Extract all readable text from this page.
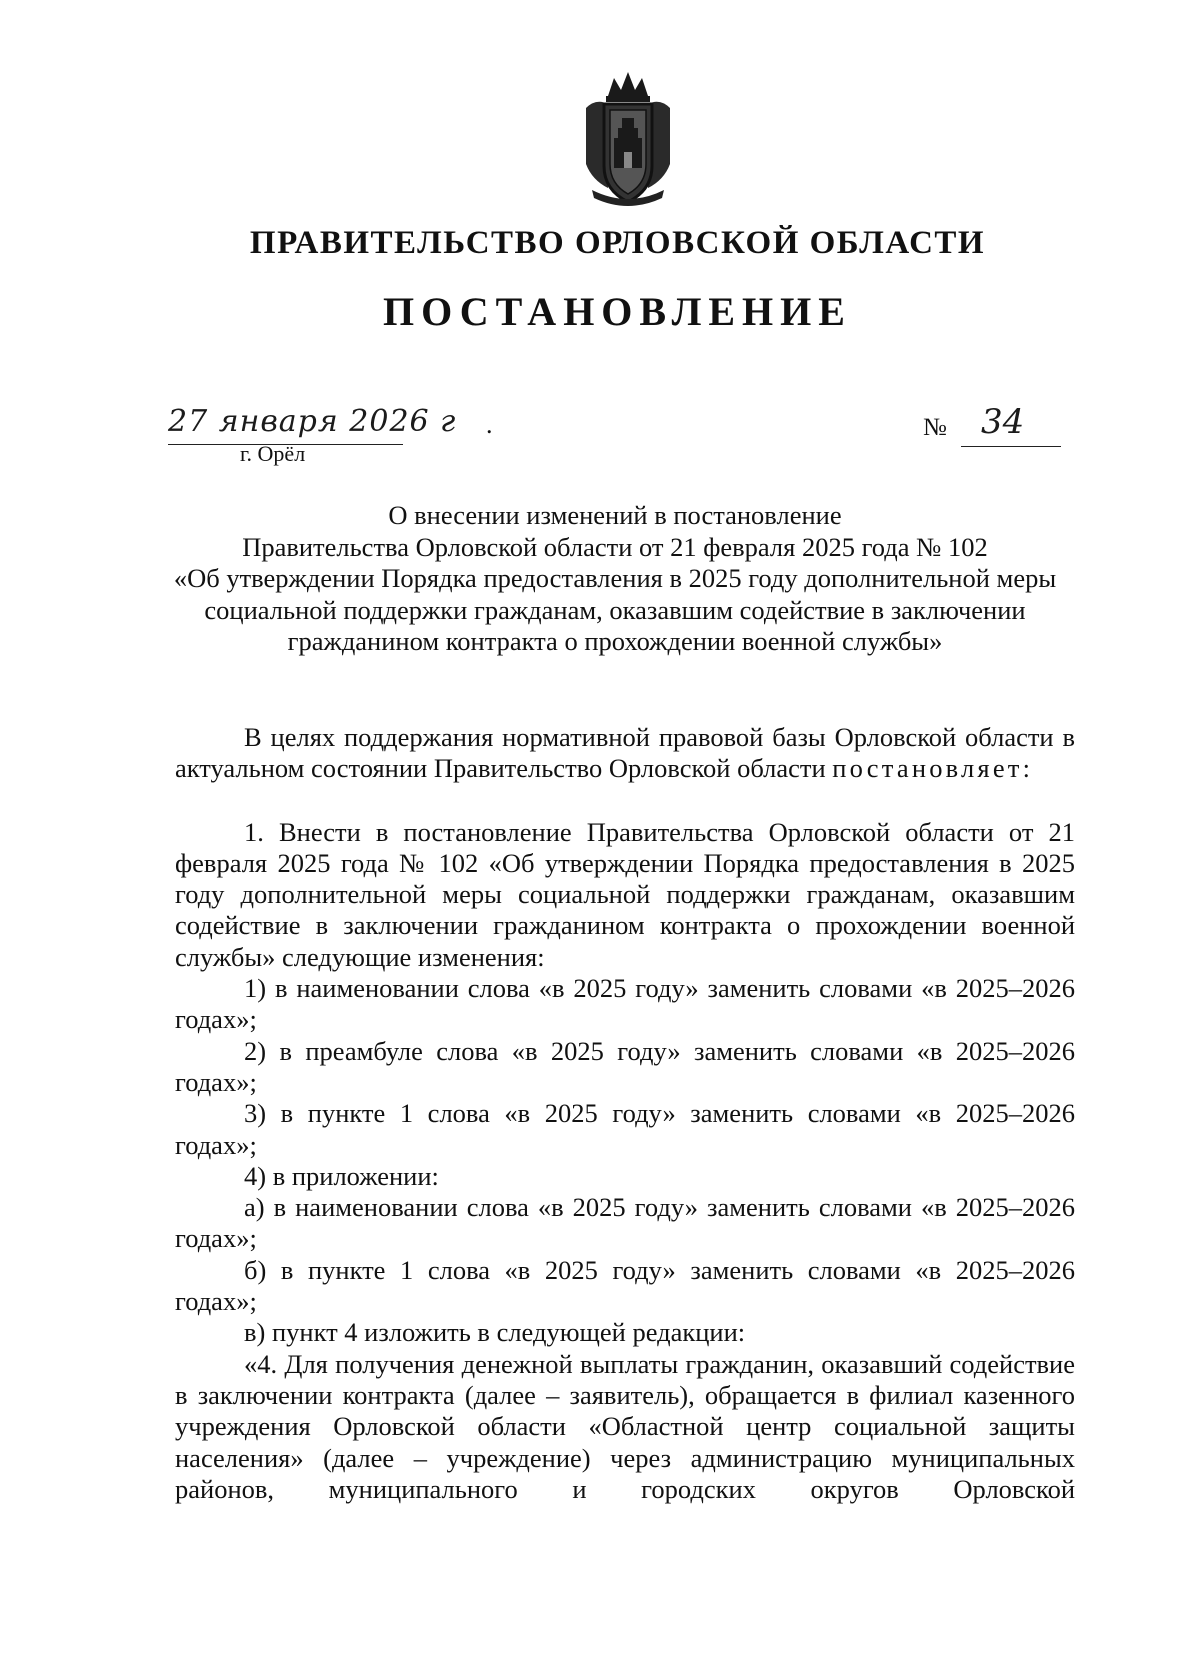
ПРАВИТЕЛЬСТВО ОРЛОВСКОЙ ОБЛАСТИ
ПОСТАНОВЛЕНИЕ
27 января 2026 г .
г. Орёл
№ 34
О внесении изменений в постановление
Правительства Орловской области от 21 февраля 2025 года № 102
«Об утверждении Порядка предоставления в 2025 году дополнительной меры
социальной поддержки гражданам, оказавшим содействие в заключении
гражданином контракта о прохождении военной службы»

В целях поддержания нормативной правовой базы Орловской области в актуальном состоянии Правительство Орловской области постановляет:

1. Внести в постановление Правительства Орловской области от 21 февраля 2025 года № 102 «Об утверждении Порядка предоставления в 2025 году дополнительной меры социальной поддержки гражданам, оказавшим содействие в заключении гражданином контракта о прохождении военной службы» следующие изменения:

1) в наименовании слова «в 2025 году» заменить словами «в 2025–2026 годах»;

2) в преамбуле слова «в 2025 году» заменить словами «в 2025–2026 годах»;

3) в пункте 1 слова «в 2025 году» заменить словами «в 2025–2026 годах»;

4) в приложении:

а) в наименовании слова «в 2025 году» заменить словами «в 2025–2026 годах»;

б) в пункте 1 слова «в 2025 году» заменить словами «в 2025–2026 годах»;

в) пункт 4 изложить в следующей редакции:

«4. Для получения денежной выплаты гражданин, оказавший содействие в заключении контракта (далее – заявитель), обращается в филиал казенного учреждения Орловской области «Областной центр социальной защиты населения» (далее – учреждение) через администрацию муниципальных районов, муниципального и городских округов Орловской
